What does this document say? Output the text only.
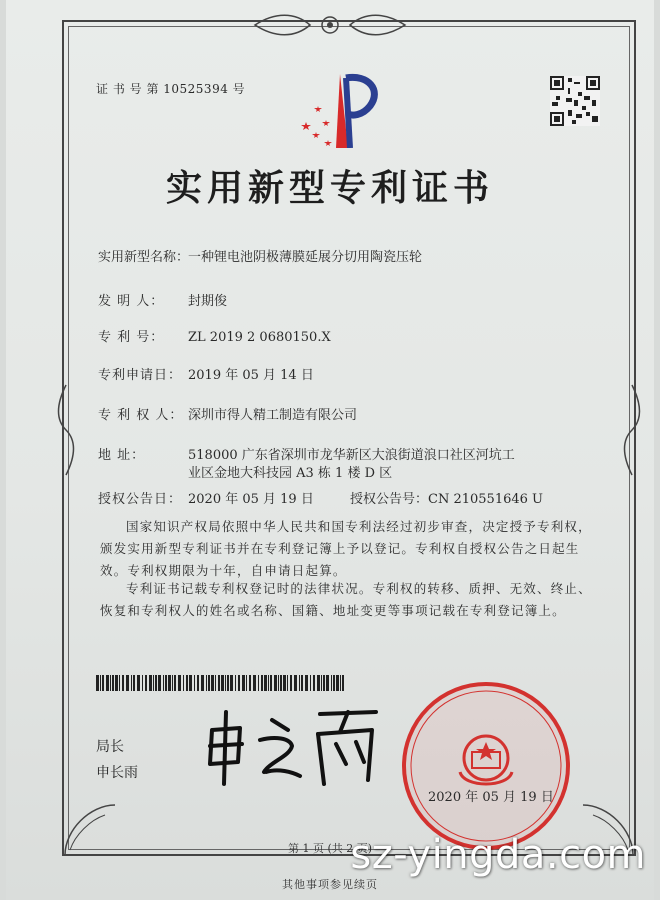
证 书 号 第 10525394 号
实用新型专利证书
实用新型名称：一种锂电池阴极薄膜延展分切用陶瓷压轮
发 明 人： 封期俊
专 利 号： ZL 2019 2 0680150.X
专利申请日： 2019 年 05 月 14 日
专 利 权 人： 深圳市得人精工制造有限公司
地 址：	518000 广东省深圳市龙华新区大浪街道浪口社区河坑工
业区金地大科技园 A3 栋 1 楼 D 区
授权公告日： 2020 年 05 月 19 日	授权公告号：CN 210551646 U
国家知识产权局依照中华人民共和国专利法经过初步审查，决定授予专利权，颁发实用新型专利证书并在专利登记簿上予以登记。专利权自授权公告之日起生效。专利权期限为十年，自申请日起算。
专利证书记载专利权登记时的法律状况。专利权的转移、质押、无效、终止、恢复和专利权人的姓名或名称、国籍、地址变更等事项记载在专利登记簿上。
局长
申长雨
2020 年 05 月 19 日
第 1 页 (共 2 页)
其他事项参见续页
sz-yingda.com
